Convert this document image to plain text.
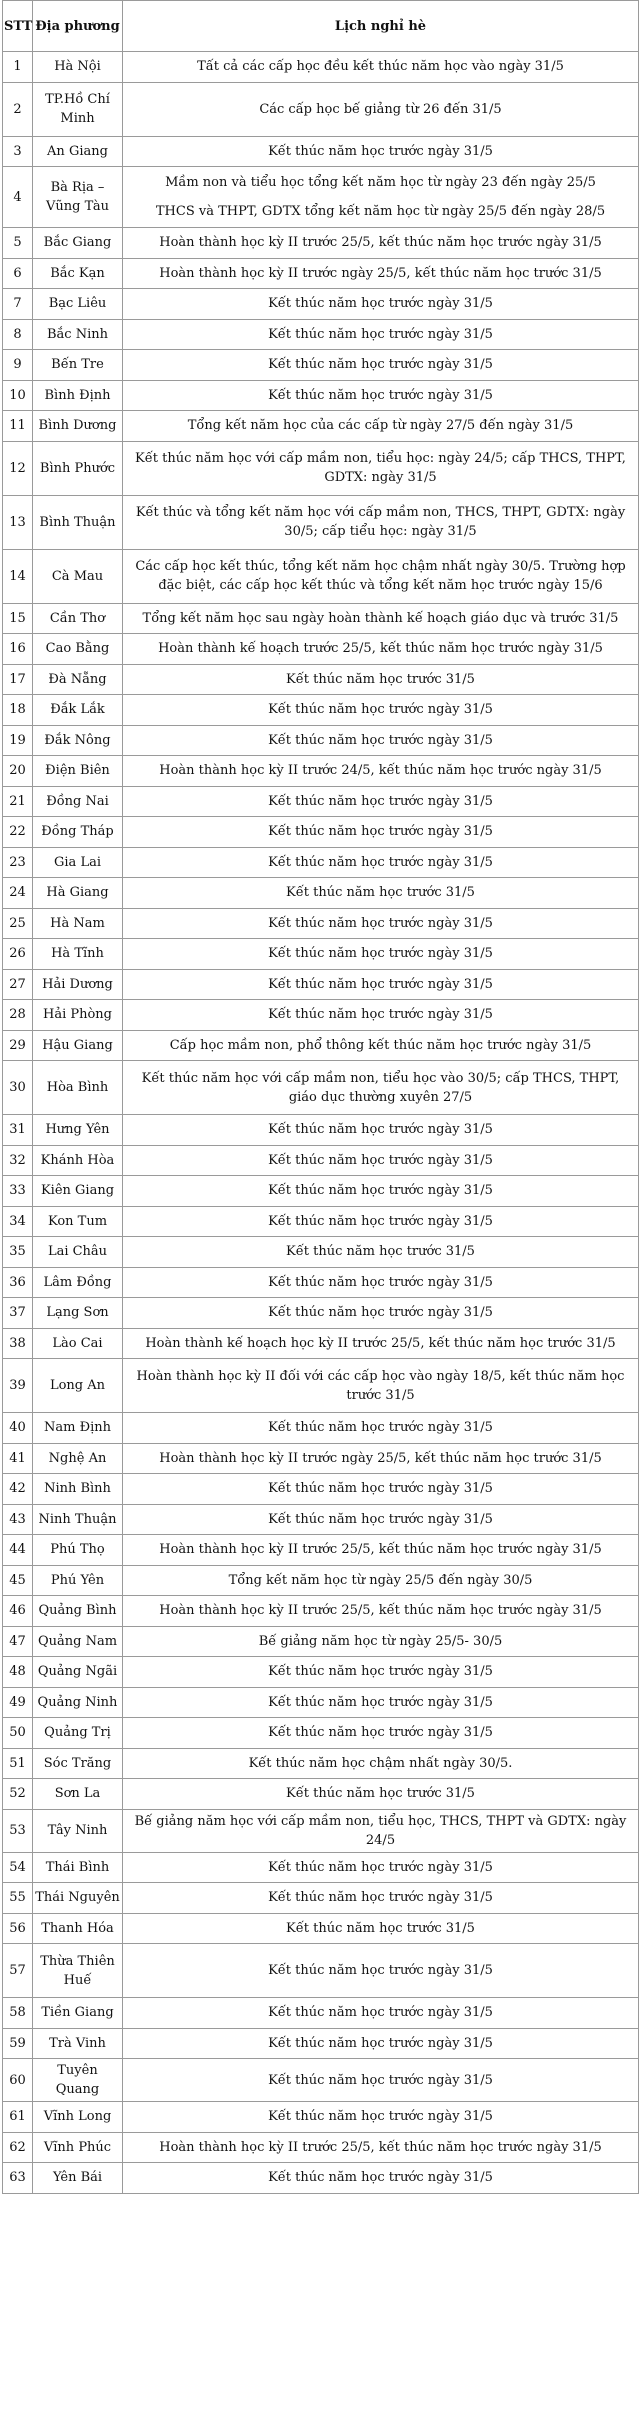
STT	Địa phương	Lịch nghỉ hè
1	Hà Nội	Tất cả các cấp học đều kết thúc năm học vào ngày 31/5

2	TP.Hồ Chí Minh	Các cấp học bế giảng từ 26 đến 31/5

3	An Giang	Kết thúc năm học trước ngày 31/5

4	Bà Rịa – Vũng Tàu	Mầm non và tiểu học tổng kết năm học từ ngày 23 đến ngày 25/5

THCS và THPT, GDTX tổng kết năm học từ ngày 25/5 đến ngày 28/5

5	Bắc Giang	Hoàn thành học kỳ II trước 25/5, kết thúc năm học trước ngày 31/5

6	Bắc Kạn	Hoàn thành học kỳ II trước ngày 25/5, kết thúc năm học trước 31/5

7	Bạc Liêu	Kết thúc năm học trước ngày 31/5

8	Bắc Ninh	Kết thúc năm học trước ngày 31/5

9	Bến Tre	Kết thúc năm học trước ngày 31/5

10	Bình Định	Kết thúc năm học trước ngày 31/5

11	Bình Dương	Tổng kết năm học của các cấp từ ngày 27/5 đến ngày 31/5

12	Bình Phước	Kết thúc năm học với cấp mầm non, tiểu học: ngày 24/5; cấp THCS, THPT, GDTX: ngày 31/5

13	Bình Thuận	Kết thúc và tổng kết năm học với cấp mầm non, THCS, THPT, GDTX: ngày 30/5; cấp tiểu học: ngày 31/5

14	Cà Mau	Các cấp học kết thúc, tổng kết năm học chậm nhất ngày 30/5. Trường hợp đặc biệt, các cấp học kết thúc và tổng kết năm học trước ngày 15/6

15	Cần Thơ	Tổng kết năm học sau ngày hoàn thành kế hoạch giáo dục và trước 31/5

16	Cao Bằng	Hoàn thành kế hoạch trước 25/5, kết thúc năm học trước ngày 31/5

17	Đà Nẵng	Kết thúc năm học trước 31/5

18	Đắk Lắk	Kết thúc năm học trước ngày 31/5

19	Đắk Nông	Kết thúc năm học trước ngày 31/5

20	Điện Biên	Hoàn thành học kỳ II trước 24/5, kết thúc năm học trước ngày 31/5

21	Đồng Nai	Kết thúc năm học trước ngày 31/5

22	Đồng Tháp	Kết thúc năm học trước ngày 31/5

23	Gia Lai	Kết thúc năm học trước ngày 31/5

24	Hà Giang	Kết thúc năm học trước 31/5

25	Hà Nam	Kết thúc năm học trước ngày 31/5

26	Hà Tĩnh	Kết thúc năm học trước ngày 31/5

27	Hải Dương	Kết thúc năm học trước ngày 31/5

28	Hải Phòng	Kết thúc năm học trước ngày 31/5

29	Hậu Giang	Cấp học mầm non, phổ thông kết thúc năm học trước ngày 31/5

30	Hòa Bình	Kết thúc năm học với cấp mầm non, tiểu học vào 30/5; cấp THCS, THPT, giáo dục thường xuyên 27/5

31	Hưng Yên	Kết thúc năm học trước ngày 31/5

32	Khánh Hòa	Kết thúc năm học trước ngày 31/5

33	Kiên Giang	Kết thúc năm học trước ngày 31/5

34	Kon Tum	Kết thúc năm học trước ngày 31/5

35	Lai Châu	Kết thúc năm học trước 31/5

36	Lâm Đồng	Kết thúc năm học trước ngày 31/5

37	Lạng Sơn	Kết thúc năm học trước ngày 31/5

38	Lào Cai	Hoàn thành kế hoạch học kỳ II trước 25/5, kết thúc năm học trước 31/5

39	Long An	Hoàn thành học kỳ II đối với các cấp học vào ngày 18/5, kết thúc năm học trước 31/5

40	Nam Định	Kết thúc năm học trước ngày 31/5

41	Nghệ An	Hoàn thành học kỳ II trước ngày 25/5, kết thúc năm học trước 31/5

42	Ninh Bình	Kết thúc năm học trước ngày 31/5

43	Ninh Thuận	Kết thúc năm học trước ngày 31/5

44	Phú Thọ	Hoàn thành học kỳ II trước 25/5, kết thúc năm học trước ngày 31/5

45	Phú Yên	Tổng kết năm học từ ngày 25/5 đến ngày 30/5

46	Quảng Bình	Hoàn thành học kỳ II trước 25/5, kết thúc năm học trước ngày 31/5

47	Quảng Nam	Bế giảng năm học từ ngày 25/5- 30/5

48	Quảng Ngãi	Kết thúc năm học trước ngày 31/5

49	Quảng Ninh	Kết thúc năm học trước ngày 31/5

50	Quảng Trị	Kết thúc năm học trước ngày 31/5

51	Sóc Trăng	Kết thúc năm học chậm nhất ngày 30/5.

52	Sơn La	Kết thúc năm học trước 31/5

53	Tây Ninh	Bế giảng năm học với cấp mầm non, tiểu học, THCS, THPT và GDTX: ngày 24/5

54	Thái Bình	Kết thúc năm học trước ngày 31/5

55	Thái Nguyên	Kết thúc năm học trước ngày 31/5

56	Thanh Hóa	Kết thúc năm học trước 31/5

57	Thừa Thiên Huế	Kết thúc năm học trước ngày 31/5

58	Tiền Giang	Kết thúc năm học trước ngày 31/5

59	Trà Vinh	Kết thúc năm học trước ngày 31/5

60	Tuyên Quang	Kết thúc năm học trước ngày 31/5

61	Vĩnh Long	Kết thúc năm học trước ngày 31/5

62	Vĩnh Phúc	Hoàn thành học kỳ II trước 25/5, kết thúc năm học trước ngày 31/5

63	Yên Bái	Kết thúc năm học trước ngày 31/5
